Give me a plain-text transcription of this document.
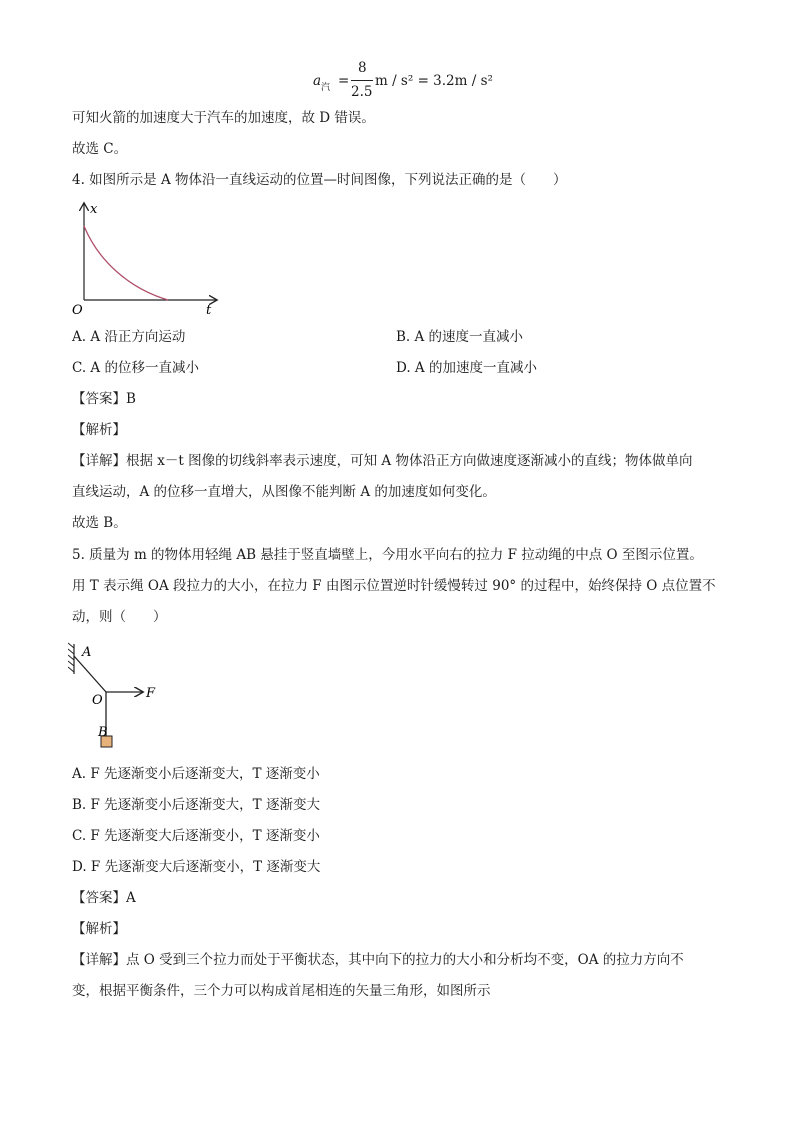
a 汽 =
8
2.5
m / s² = 3.2m / s²
可知火箭的加速度大于汽车的加速度，故 D 错误。
故选 C。
4. 如图所示是 A 物体沿一直线运动的位置—时间图像，下列说法正确的是（　　）
x
t
O
A. A 沿正方向运动	B. A 的速度一直减小
C. A 的位移一直减小	D. A 的加速度一直减小
【答案】B
【解析】
【详解】根据 x－t 图像的切线斜率表示速度，可知 A 物体沿正方向做速度逐渐减小的直线；物体做单向
直线运动，A 的位移一直增大，从图像不能判断 A 的加速度如何变化。
故选 B。
5. 质量为 m 的物体用轻绳 AB 悬挂于竖直墙壁上，今用水平向右的拉力 F 拉动绳的中点 O 至图示位置。
用 T 表示绳 OA 段拉力的大小，在拉力 F 由图示位置逆时针缓慢转过 90° 的过程中，始终保持 O 点位置不
动，则（　　）
A
O	F
B
A. F 先逐渐变小后逐渐变大，T 逐渐变小
B. F 先逐渐变小后逐渐变大，T 逐渐变大
C. F 先逐渐变大后逐渐变小，T 逐渐变小
D. F 先逐渐变大后逐渐变小，T 逐渐变大
【答案】A
【解析】
【详解】点 O 受到三个拉力而处于平衡状态，其中向下的拉力的大小和分析均不变，OA 的拉力方向不
变，根据平衡条件，三个力可以构成首尾相连的矢量三角形，如图所示
